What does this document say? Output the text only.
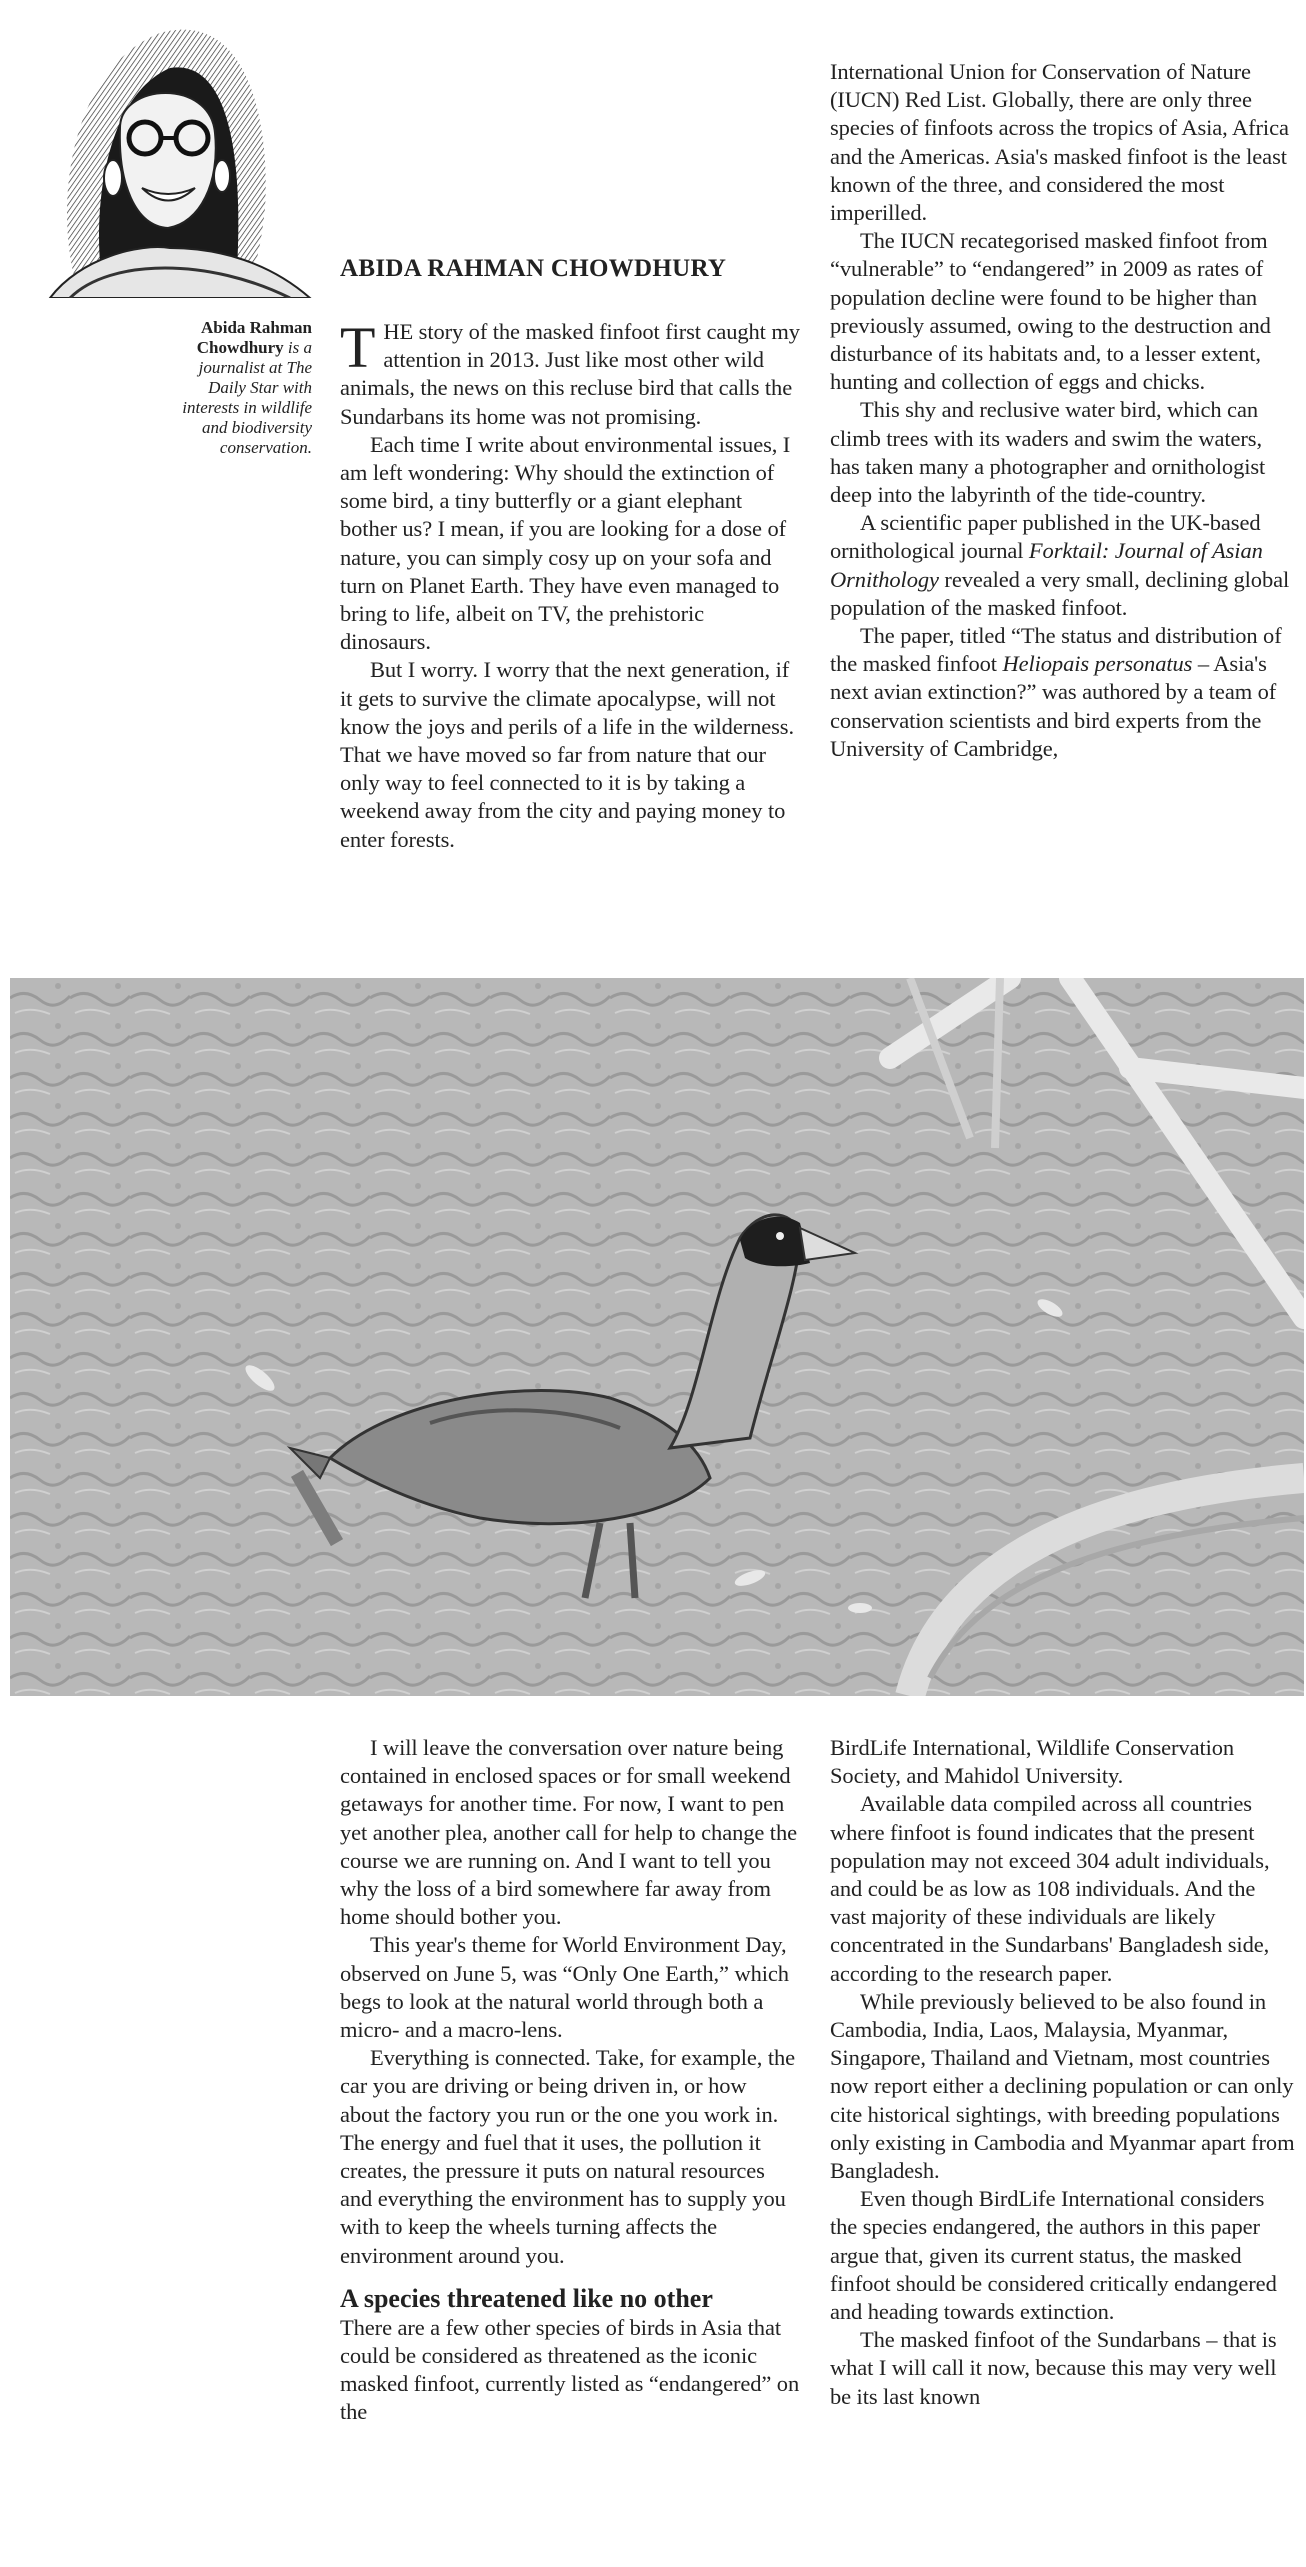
ABIDA RAHMAN CHOWDHURY
Abida Rahman Chowdhury is a journalist at The Daily Star with interests in wildlife and biodiversity conservation.

THE story of the masked finfoot first caught my attention in 2013. Just like most other wild animals, the news on this recluse bird that calls the Sundarbans its home was not promising.

Each time I write about environmental issues, I am left wondering: Why should the extinction of some bird, a tiny butterfly or a giant elephant bother us? I mean, if you are looking for a dose of nature, you can simply cosy up on your sofa and turn on Planet Earth. They have even managed to bring to life, albeit on TV, the prehistoric dinosaurs.

But I worry. I worry that the next generation, if it gets to survive the climate apocalypse, will not know the joys and perils of a life in the wilderness. That we have moved so far from nature that our only way to feel connected to it is by taking a weekend away from the city and paying money to enter forests.

International Union for Conservation of Nature (IUCN) Red List. Globally, there are only three species of finfoots across the tropics of Asia, Africa and the Americas. Asia's masked finfoot is the least known of the three, and considered the most imperilled.

The IUCN recategorised masked finfoot from “vulnerable” to “endangered” in 2009 as rates of population decline were found to be higher than previously assumed, owing to the destruction and disturbance of its habitats and, to a lesser extent, hunting and collection of eggs and chicks.

This shy and reclusive water bird, which can climb trees with its waders and swim the waters, has taken many a photographer and ornithologist deep into the labyrinth of the tide-country.

A scientific paper published in the UK-based ornithological journal Forktail: Journal of Asian Ornithology revealed a very small, declining global population of the masked finfoot.

The paper, titled “The status and distribution of the masked finfoot Heliopais personatus – Asia's next avian extinction?” was authored by a team of conservation scientists and bird experts from the University of Cambridge,

I will leave the conversation over nature being contained in enclosed spaces or for small weekend getaways for another time. For now, I want to pen yet another plea, another call for help to change the course we are running on. And I want to tell you why the loss of a bird somewhere far away from home should bother you.

This year's theme for World Environment Day, observed on June 5, was “Only One Earth,” which begs to look at the natural world through both a micro- and a macro-lens.

Everything is connected. Take, for example, the car you are driving or being driven in, or how about the factory you run or the one you work in. The energy and fuel that it uses, the pollution it creates, the pressure it puts on natural resources and everything the environment has to supply you with to keep the wheels turning affects the environment around you.

A species threatened like no other

There are a few other species of birds in Asia that could be considered as threatened as the iconic masked finfoot, currently listed as “endangered” on the

BirdLife International, Wildlife Conservation Society, and Mahidol University.

Available data compiled across all countries where finfoot is found indicates that the present population may not exceed 304 adult individuals, and could be as low as 108 individuals. And the vast majority of these individuals are likely concentrated in the Sundarbans' Bangladesh side, according to the research paper.

While previously believed to be also found in Cambodia, India, Laos, Malaysia, Myanmar, Singapore, Thailand and Vietnam, most countries now report either a declining population or can only cite historical sightings, with breeding populations only existing in Cambodia and Myanmar apart from Bangladesh.

Even though BirdLife International considers the species endangered, the authors in this paper argue that, given its current status, the masked finfoot should be considered critically endangered and heading towards extinction.

The masked finfoot of the Sundarbans – that is what I will call it now, because this may very well be its last known
